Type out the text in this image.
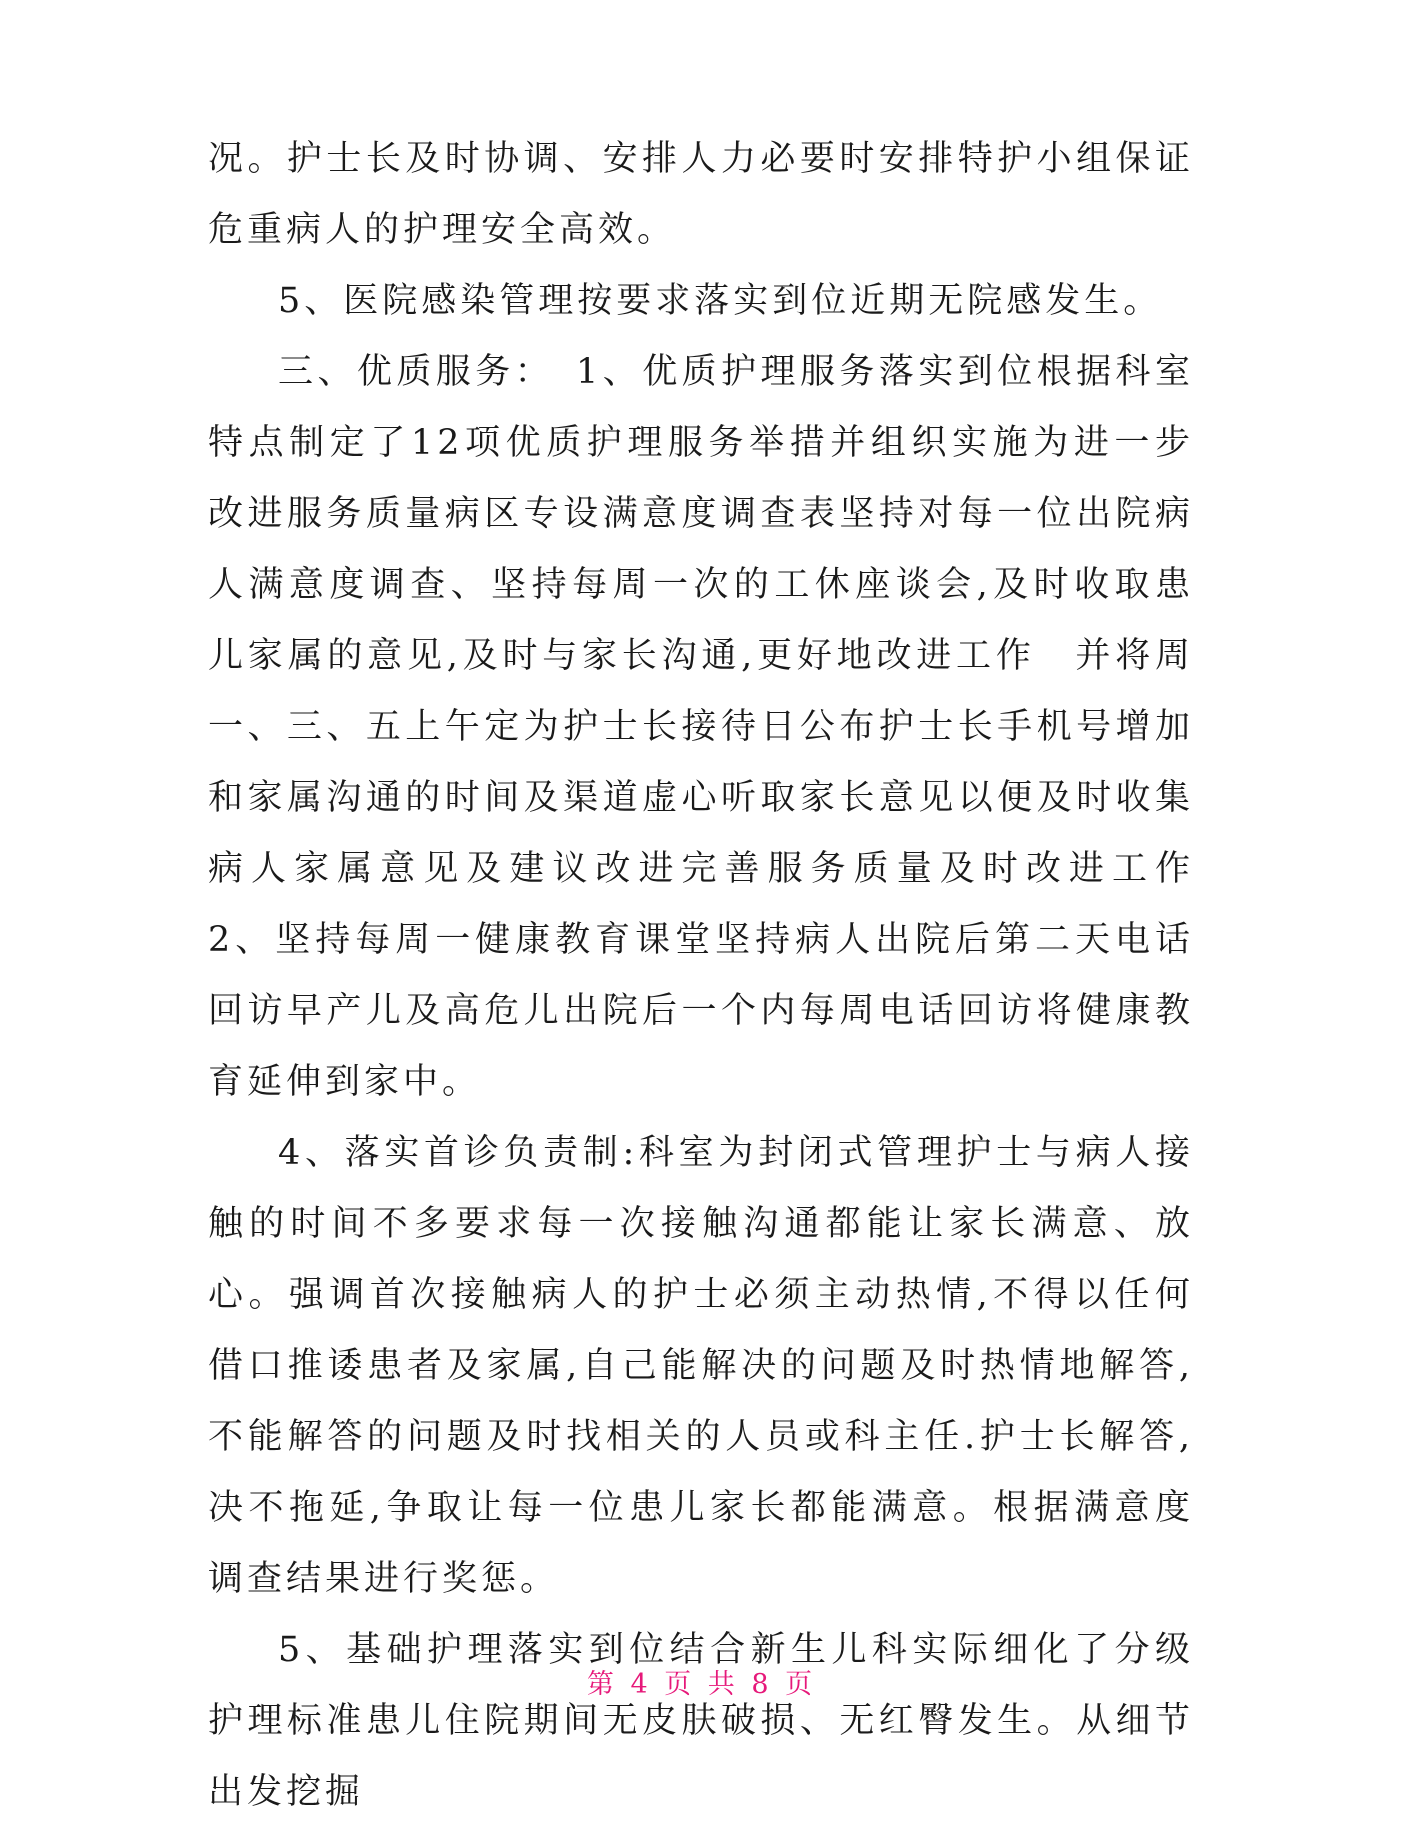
况。护士长及时协调、安排人力必要时安排特护小组保证危重病人的护理安全高效。

5、医院感染管理按要求落实到位近期无院感发生。

三、优质服务：　1、优质护理服务落实到位根据科室特点制定了12项优质护理服务举措并组织实施为进一步改进服务质量病区专设满意度调查表坚持对每一位出院病人满意度调查、坚持每周一次的工休座谈会,及时收取患儿家属的意见,及时与家长沟通,更好地改进工作　并将周一、三、五上午定为护士长接待日公布护士长手机号增加和家属沟通的时间及渠道虚心听取家长意见以便及时收集病人家属意见及建议改进完善服务质量及时改进工作　2、坚持每周一健康教育课堂坚持病人出院后第二天电话回访早产儿及高危儿出院后一个内每周电话回访将健康教育延伸到家中。

4、落实首诊负责制:科室为封闭式管理护士与病人接触的时间不多要求每一次接触沟通都能让家长满意、放心。强调首次接触病人的护士必须主动热情,不得以任何借口推诿患者及家属,自己能解决的问题及时热情地解答,不能解答的问题及时找相关的人员或科主任.护士长解答,决不拖延,争取让每一位患儿家长都能满意。根据满意度调查结果进行奖惩。

5、基础护理落实到位结合新生儿科实际细化了分级护理标准患儿住院期间无皮肤破损、无红臀发生。从细节出发挖掘

第 4 页 共 8 页
